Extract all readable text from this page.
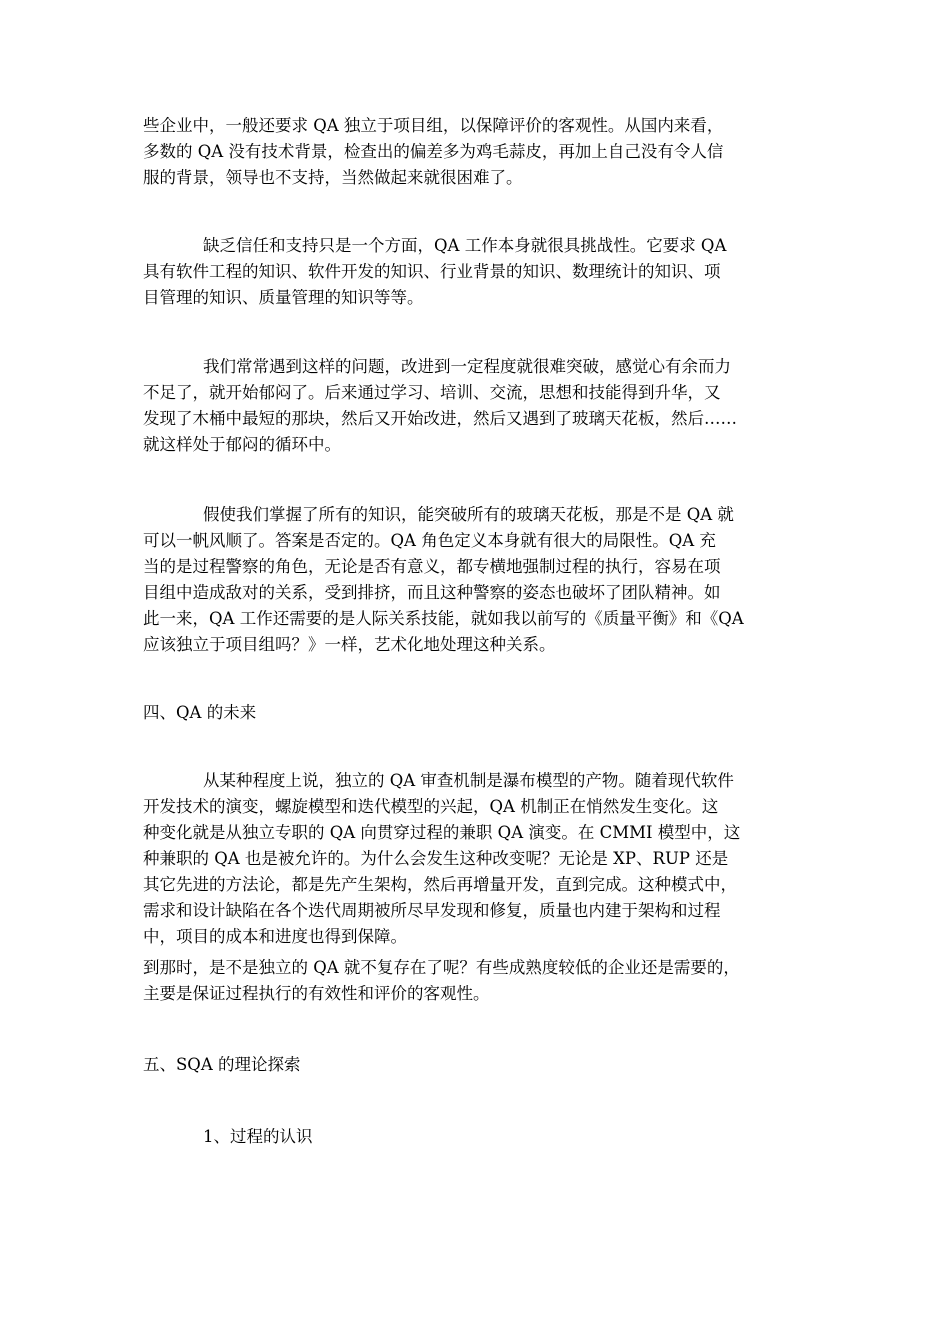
些企业中，一般还要求 QA 独立于项目组，以保障评价的客观性。从国内来看，
多数的 QA 没有技术背景，检查出的偏差多为鸡毛蒜皮，再加上自己没有令人信
服的背景，领导也不支持，当然做起来就很困难了。
缺乏信任和支持只是一个方面，QA 工作本身就很具挑战性。它要求 QA
具有软件工程的知识、软件开发的知识、行业背景的知识、数理统计的知识、项
目管理的知识、质量管理的知识等等。
我们常常遇到这样的问题，改进到一定程度就很难突破，感觉心有余而力
不足了，就开始郁闷了。后来通过学习、培训、交流，思想和技能得到升华，又
发现了木桶中最短的那块，然后又开始改进，然后又遇到了玻璃天花板，然后……
就这样处于郁闷的循环中。
假使我们掌握了所有的知识，能突破所有的玻璃天花板，那是不是 QA 就
可以一帆风顺了。答案是否定的。QA 角色定义本身就有很大的局限性。QA 充
当的是过程警察的角色，无论是否有意义，都专横地强制过程的执行，容易在项
目组中造成敌对的关系，受到排挤，而且这种警察的姿态也破坏了团队精神。如
此一来，QA 工作还需要的是人际关系技能，就如我以前写的《质量平衡》和《QA
应该独立于项目组吗？》一样，艺术化地处理这种关系。
四、QA 的未来
从某种程度上说，独立的 QA 审查机制是瀑布模型的产物。随着现代软件
开发技术的演变，螺旋模型和迭代模型的兴起，QA 机制正在悄然发生变化。这
种变化就是从独立专职的 QA 向贯穿过程的兼职 QA 演变。在 CMMI 模型中，这
种兼职的 QA 也是被允许的。为什么会发生这种改变呢？无论是 XP、RUP 还是
其它先进的方法论，都是先产生架构，然后再增量开发，直到完成。这种模式中，
需求和设计缺陷在各个迭代周期被所尽早发现和修复，质量也内建于架构和过程
中，项目的成本和进度也得到保障。
到那时，是不是独立的 QA 就不复存在了呢？有些成熟度较低的企业还是需要的，
主要是保证过程执行的有效性和评价的客观性。
五、SQA 的理论探索
1、过程的认识
